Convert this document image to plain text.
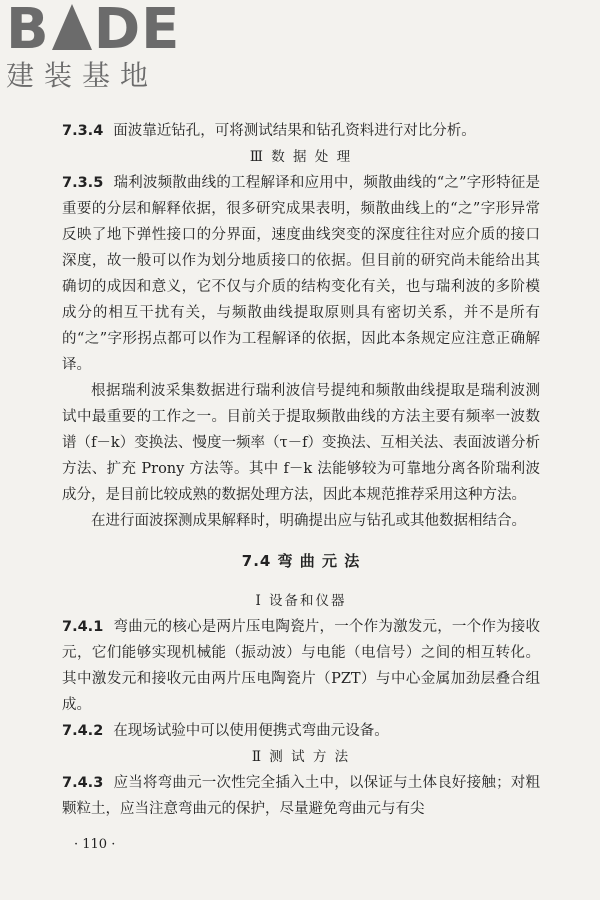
B DE
建装基地

7.3.4 面波靠近钻孔，可将测试结果和钻孔资料进行对比分析。

Ⅲ 数 据 处 理

7.3.5 瑞利波频散曲线的工程解译和应用中，频散曲线的“之”字形特征是重要的分层和解释依据，很多研究成果表明，频散曲线上的“之”字形异常反映了地下弹性接口的分界面，速度曲线突变的深度往往对应介质的接口深度，故一般可以作为划分地质接口的依据。但目前的研究尚未能给出其确切的成因和意义，它不仅与介质的结构变化有关，也与瑞利波的多阶模成分的相互干扰有关，与频散曲线提取原则具有密切关系，并不是所有的“之”字形拐点都可以作为工程解译的依据，因此本条规定应注意正确解译。

根据瑞利波采集数据进行瑞利波信号提纯和频散曲线提取是瑞利波测试中最重要的工作之一。目前关于提取频散曲线的方法主要有频率一波数谱（f－k）变换法、慢度一频率（τ－f）变换法、互相关法、表面波谱分析方法、扩充 Prony 方法等。其中 f－k 法能够较为可靠地分离各阶瑞利波成分，是目前比较成熟的数据处理方法，因此本规范推荐采用这种方法。

在进行面波探测成果解释时，明确提出应与钻孔或其他数据相结合。

7.4 弯 曲 元 法

Ⅰ 设备和仪器

7.4.1 弯曲元的核心是两片压电陶瓷片，一个作为激发元，一个作为接收元，它们能够实现机械能（振动波）与电能（电信号）之间的相互转化。其中激发元和接收元由两片压电陶瓷片（PZT）与中心金属加劲层叠合组成。

7.4.2 在现场试验中可以使用便携式弯曲元设备。

Ⅱ 测 试 方 法

7.4.3 应当将弯曲元一次性完全插入土中，以保证与土体良好接触；对粗颗粒土，应当注意弯曲元的保护，尽量避免弯曲元与有尖

· 110 ·
